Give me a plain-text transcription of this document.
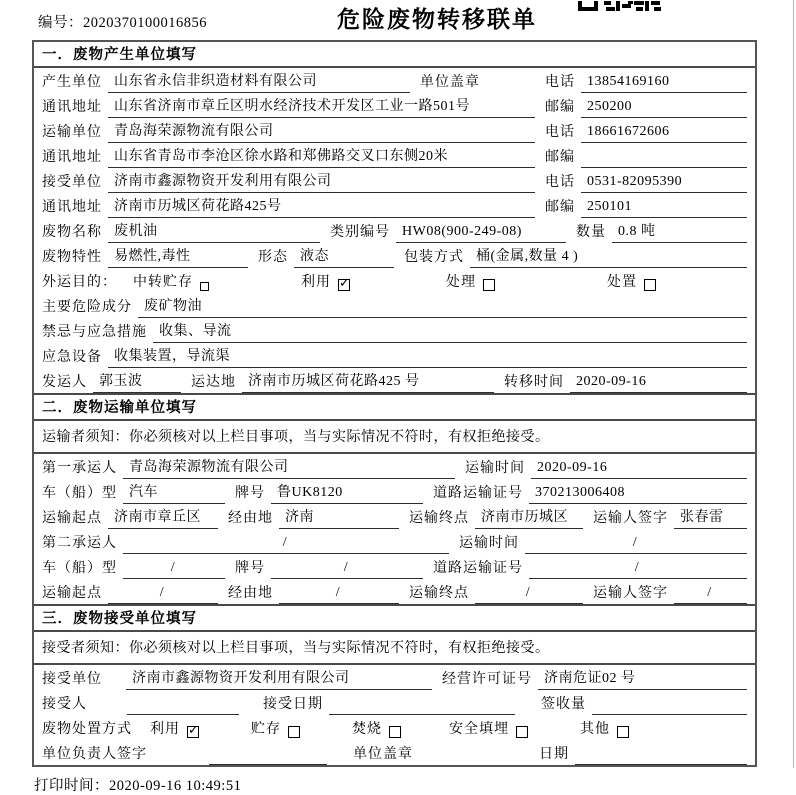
编号：2020370100016856	危险废物转移联单
一．废物产生单位填写
产生单位 山东省永信非织造材料有限公司	单位盖章	电话 13854169160
通讯地址 山东省济南市章丘区明水经济技术开发区工业一路501号	邮编 250200
运输单位 青岛海荣源物流有限公司	电话 18661672606
通讯地址 山东省青岛市李沧区徐水路和郑佛路交叉口东侧20米	邮编
接受单位 济南市鑫源物资开发利用有限公司	电话 0531-82095390
通讯地址 济南市历城区荷花路425号	邮编 250101
废物名称 废机油	类别编号 HW08(900-249-08)	数量 0.8 吨
废物特性 易燃性,毒性	形态 液态	包装方式 桶(金属,数量 4 )
外运目的： 中转贮存	利用 ✓	处理	处置
主要危险成分 废矿物油
禁忌与应急措施 收集、导流
应急设备 收集装置，导流渠
发运人 郭玉波	运达地 济南市历城区荷花路425 号	转移时间 2020-09-16
二．废物运输单位填写
运输者须知：你必须核对以上栏目事项，当与实际情况不符时，有权拒绝接受。
第一承运人 青岛海荣源物流有限公司	运输时间 2020-09-16
车（船）型 汽车	牌号 鲁UK8120	道路运输证号 370213006408
运输起点 济南市章丘区	经由地 济南	运输终点 济南市历城区	运输人签字 张春雷
第二承运人	/	运输时间	/
车（船）型	/	牌号	/	道路运输证号	/
运输起点	/	经由地	/	运输终点	/	运输人签字	/
三．废物接受单位填写
接受者须知：你必须核对以上栏目事项，当与实际情况不符时，有权拒绝接受。
接受单位	济南市鑫源物资开发利用有限公司	经营许可证号 济南危证02 号
接受人	接受日期	签收量
废物处置方式 利用 ✓	贮存	焚烧	安全填埋	其他
单位负责人签字	单位盖章	日期
打印时间：2020-09-16 10:49:51
